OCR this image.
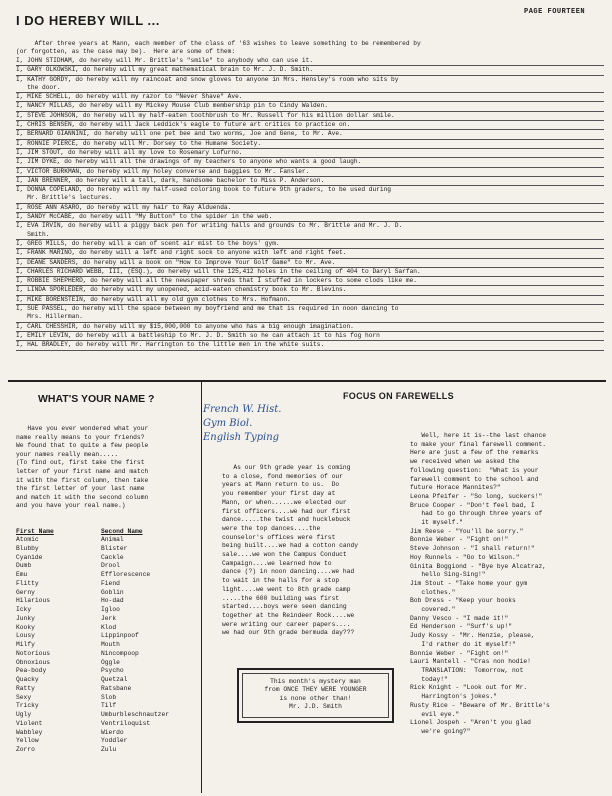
PAGE FOURTEEN
I DO HEREBY WILL ...
After three years at Mann, each member of the class of '63 wishes to leave something to be remembered by
(or forgotten, as the case may be).  Here are some of them:
I, JOHN STIDHAM, do hereby will Mr. Brittle's "smile" to anybody who can use it.
I, GARY OLKOWSKI, do hereby will my great mathematical brain to Mr. J. D. Smith.
I, KATHY GORDY, do hereby will my raincoat and snow gloves to anyone in Mrs. Hensley's room who sits by
the door.
I, MIKE SCHELL, do hereby will my razor to "Never Shave" Ave.
I, NANCY MILLAS, do hereby will my Mickey Mouse Club membership pin to Cindy Walden.
I, STEVE JOHNSON, do hereby will my half-eaten toothbrush to Mr. Russell for his million dollar smile.
I, CHRIS BENSEN, do hereby will Jack Leddick's eagle to future art critics to practice on.
I, BERNARD GIANNINI, do hereby will one pet bee and two worms, Joe and Gene, to Mr. Ave.
I, RONNIE PIERCE, do hereby will Mr. Dorsey to the Humane Society.
I, JIM STOUT, do hereby will all my love to Rosemary Lofurno.
I, JIM DYKE, do hereby will all the drawings of my teachers to anyone who wants a good laugh.
I, VICTOR BURKMAN, do hereby will my holey converse and baggies to Mr. Fansler.
I, JAN BRENNER, do hereby will a tall, dark, handsome bachelor to Miss P. Anderson.
I, DONNA COPELAND, do hereby will my half-used coloring book to future 9th graders, to be used during
Mr. Brittle's lectures.
I, ROSE ANN ASARO, do hereby will my hair to Ray Alduenda.
I, SANDY McCABE, do hereby will "My Button" to the spider in the web.
I, EVA IRVIN, do hereby will a piggy back pen for writing halls and grounds to Mr. Brittle and Mr. J. D.
Smith.
I, GREG MILLS, do hereby will a can of scent air mist to the boys' gym.
I, FRANK MARINO, do hereby will a left and right sock to anyone with left and right feet.
I, DEANE SANDERS, do hereby will a book on "How to Improve Your Golf Game" to Mr. Ave.
I, CHARLES RICHARD WEBB, III, (ESQ.), do hereby will the 125,412 holes in the ceiling of 404 to Daryl Sarfan.
I, ROBBIE SHEPHERD, do hereby will all the newspaper shreds that I stuffed in lockers to some clods like me.
I, LINDA SPORLEDER, do hereby will my unopened, acid-eaten chemistry book to Mr. Blevins.
I, MIKE BORENSTEIN, do hereby will all my old gym clothes to Mrs. Hofmann.
I, SUE PASSEL, do hereby will the space between my boyfriend and me that is required in noon dancing to
Mrs. Hillerman.
I, CARL CHESSHIR, do hereby will my $15,000,000 to anyone who has a big enough imagination.
I, EMILY LEVIN, do hereby will a battleship to Mr. J. D. Smith so he can attach it to his fog horn
I, HAL BRADLEY, do hereby will Mr. Harrington to the little men in the white suits.
WHAT'S YOUR NAME ?
Have you ever wondered what your
name really means to your friends?
We found that to quite a few people
your names really mean.....
(To find out, first take the first
letter of your first name and match
it with the first column, then take
the first letter of your last name
and match it with the second column
and you have your real name.)
First Name	Second Name
Atomic
Blubby
Cyanide
Dumb
Emu
Flitty
Gerny
Hilarious
Icky
Junky
Kooky
Lousy
Milfy
Notorious
Obnoxious
Pea-body
Quacky
Ratty
Sexy
Tricky
Ugly
Violent
Wabbley
Yellow
Zorro
Animal
Blister
Cackle
Drool
Efflorescence
Fiend
Goblin
Ho-dad
Igloo
Jerk
Klod
Lippinpoof
Mouth
Nincompoop
Oggle
Psycho
Quetzal
Ratsbane
Slob
Tilf
Umburbleschnautzer
Ventriloquist
Wierdo
Yoddler
Zulu
FOCUS ON FAREWELLS
French W. Hist.
Gym Biol.
English Typing
As our 9th grade year is coming
to a close, fond memories of our
years at Mann return to us.  Do
you remember your first day at
Mann, or when......we elected our
first officers....we had our first
dance.....the twist and hucklebuck
were the top dances....the
counselor's offices were first
being built....we had a cotton candy
sale....we won the Campus Conduct
Campaign....we learned how to
dance (?) in noon dancing....we had
to wait in the halls for a stop
light....we went to 8th grade camp
.....the 600 building was first
started....boys were seen dancing
together at the Reindeer Rock....we
were writing our career papers....
we had our 9th grade bermuda day???
This month's mystery man
from ONCE THEY WERE YOUNGER
is none other than!
Mr. J.D. Smith
Well, here it is--the last chance
to make your final farewell comment.
Here are just a few of the remarks
we received when we asked the
following question:  "What is your
farewell comment to the school and
future Horace Mannites?"
Leona Pfeifer - "So long, suckers!"
Bruce Cooper - "Don't feel bad, I
had to go through three years of
it myself."
Jim Reese - "You'll be sorry."
Bonnie Weber - "Fight on!"
Steve Johnson - "I shall return!"
Hoy Runnels - "Go to Wilson."
Ginita Boggiond - "Bye bye Alcatraz,
hello Sing-Sing!"
Jim Stout - "Take home your gym
clothes."
Bob Dress - "Keep your books
covered."
Danny Vesco - "I made it!"
Ed Henderson - "Surf's up!"
Judy Kossy - "Mr. Henzie, please,
I'd rather do it myself!"
Bonnie Weber - "Fight on!"
Lauri Mantell - "Cras non hodie!
TRANSLATION:  Tomorrow, not
today!"
Rick Knight - "Look out for Mr.
Harrington's jokes."
Rusty Rice - "Beware of Mr. Brittle's
evil eye."
Lionel Jospeh - "Aren't you glad
we're going?"
